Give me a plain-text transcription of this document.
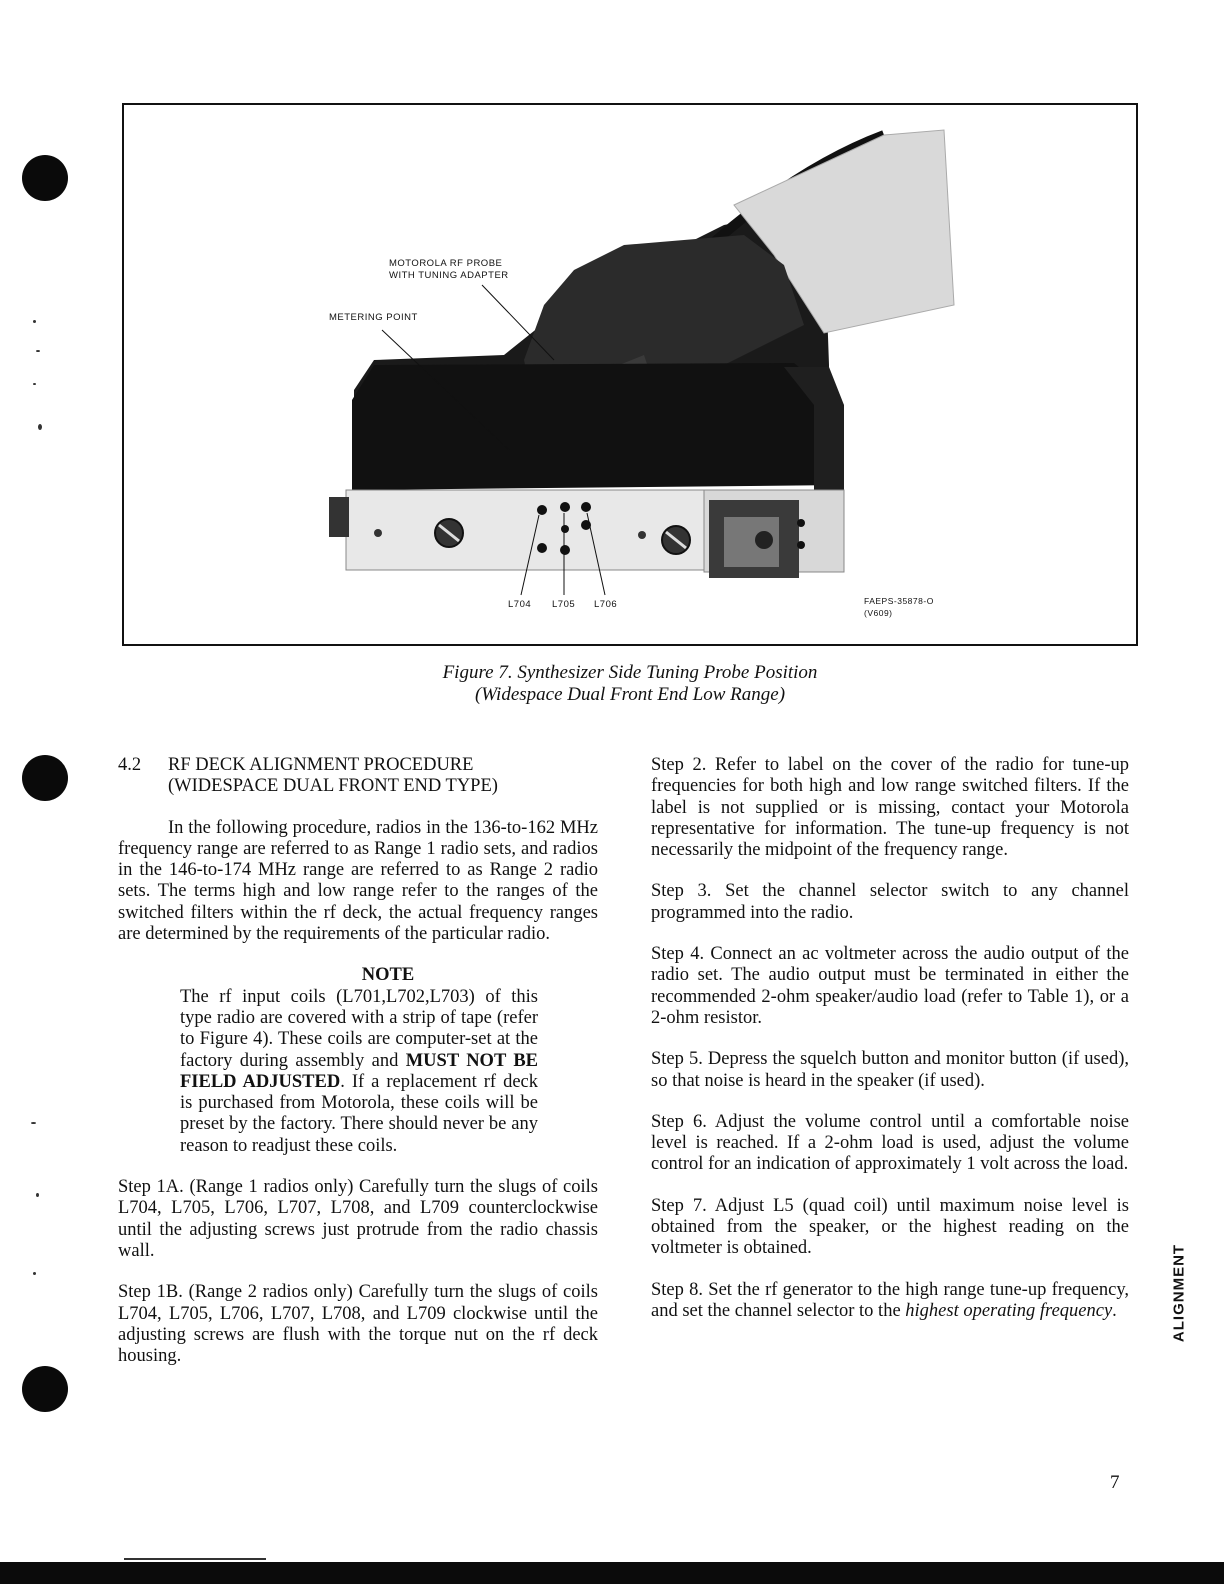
MOTOROLA RF PROBE
WITH TUNING ADAPTER
METERING POINT
L704 L705 L706	FAEPS-35878-O
(V609)
Figure 7. Synthesizer Side Tuning Probe Position
(Widespace Dual Front End Low Range)
4.2 RF DECK ALIGNMENT PROCEDURE
(WIDESPACE DUAL FRONT END TYPE)

In the following procedure, radios in the 136-to-162 MHz frequency range are referred to as Range 1 radio sets, and radios in the 146-to-174 MHz range are referred to as Range 2 radio sets. The terms high and low range refer to the ranges of the switched filters within the rf deck, the actual frequency ranges are determined by the requirements of the particular radio.

NOTE

The rf input coils (L701,L702,L703) of this type radio are covered with a strip of tape (refer to Figure 4). These coils are computer-set at the factory during assembly and MUST NOT BE FIELD ADJUSTED. If a replacement rf deck is purchased from Motorola, these coils will be preset by the factory. There should never be any reason to readjust these coils.

Step 1A. (Range 1 radios only) Carefully turn the slugs of coils L704, L705, L706, L707, L708, and L709 counterclockwise until the adjusting screws just protrude from the radio chassis wall.

Step 1B. (Range 2 radios only) Carefully turn the slugs of coils L704, L705, L706, L707, L708, and L709 clockwise until the adjusting screws are flush with the torque nut on the rf deck housing.

Step 2. Refer to label on the cover of the radio for tune-up frequencies for both high and low range switched filters. If the label is not supplied or is missing, contact your Motorola representative for information. The tune-up frequency is not necessarily the midpoint of the frequency range.

Step 3. Set the channel selector switch to any channel programmed into the radio.

Step 4. Connect an ac voltmeter across the audio output of the radio set. The audio output must be terminated in either the recommended 2-ohm speaker/audio load (refer to Table 1), or a 2-ohm resistor.

Step 5. Depress the squelch button and monitor button (if used), so that noise is heard in the speaker (if used).

Step 6. Adjust the volume control until a comfortable noise level is reached. If a 2-ohm load is used, adjust the volume control for an indication of approximately 1 volt across the load.

Step 7. Adjust L5 (quad coil) until maximum noise level is obtained from the speaker, or the highest reading on the voltmeter is obtained.

Step 8. Set the rf generator to the high range tune-up frequency, and set the channel selector to the highest operating frequency.	ALIGNMENT
7
